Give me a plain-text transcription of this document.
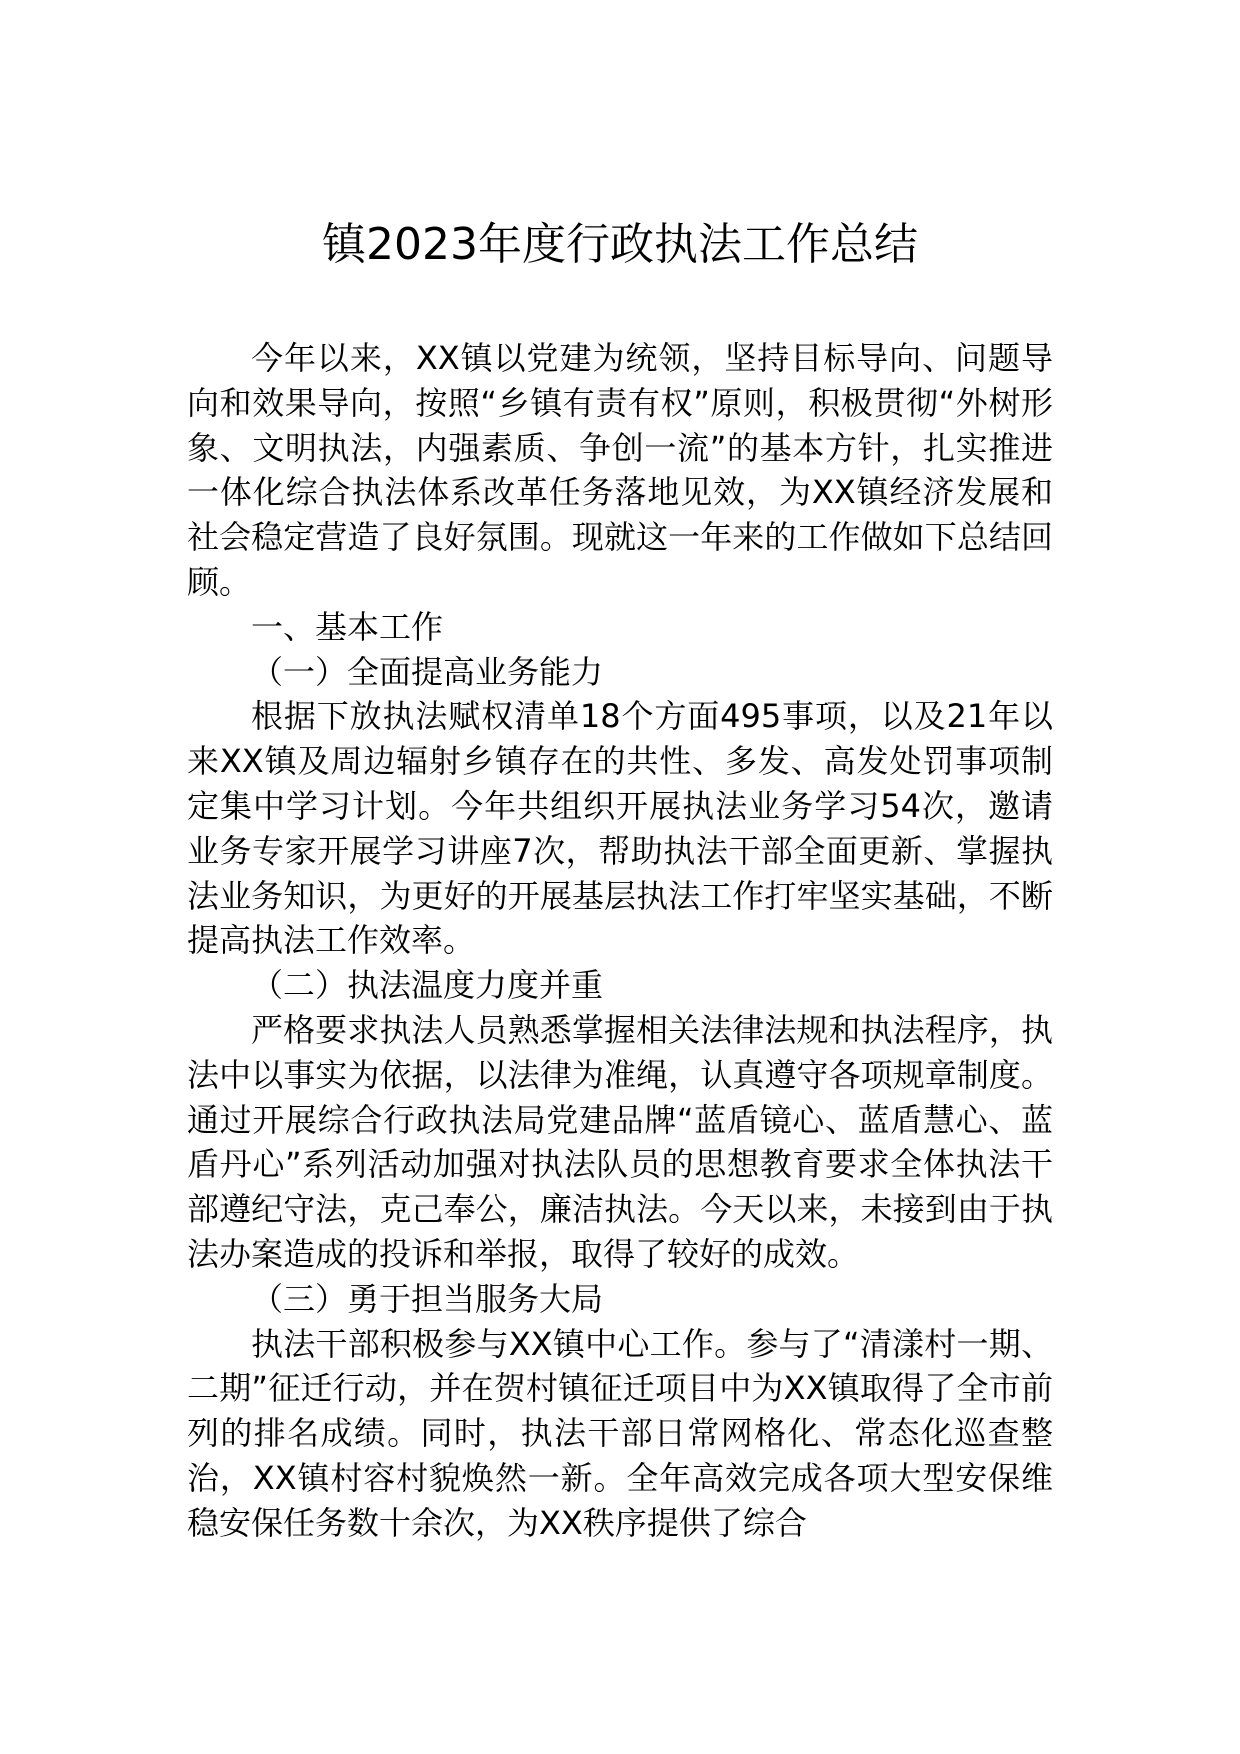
镇2023年度行政执法工作总结

今年以来，XX镇以党建为统领，坚持目标导向、问题导向和效果导向，按照“乡镇有责有权”原则，积极贯彻“外树形象、文明执法，内强素质、争创一流”的基本方针，扎实推进一体化综合执法体系改革任务落地见效，为XX镇经济发展和社会稳定营造了良好氛围。现就这一年来的工作做如下总结回顾。

一、基本工作

（一）全面提高业务能力

根据下放执法赋权清单18个方面495事项，以及21年以来XX镇及周边辐射乡镇存在的共性、多发、高发处罚事项制定集中学习计划。今年共组织开展执法业务学习54次，邀请业务专家开展学习讲座7次，帮助执法干部全面更新、掌握执法业务知识，为更好的开展基层执法工作打牢坚实基础，不断提高执法工作效率。

（二）执法温度力度并重

严格要求执法人员熟悉掌握相关法律法规和执法程序，执法中以事实为依据，以法律为准绳，认真遵守各项规章制度。通过开展综合行政执法局党建品牌“蓝盾镜心、蓝盾慧心、蓝盾丹心”系列活动加强对执法队员的思想教育要求全体执法干部遵纪守法，克己奉公，廉洁执法。今天以来，未接到由于执法办案造成的投诉和举报，取得了较好的成效。

（三）勇于担当服务大局

执法干部积极参与XX镇中心工作。参与了“清漾村一期、二期”征迁行动，并在贺村镇征迁项目中为XX镇取得了全市前列的排名成绩。同时，执法干部日常网格化、常态化巡查整治，XX镇村容村貌焕然一新。全年高效完成各项大型安保维稳安保任务数十余次，为XX秩序提供了综合
